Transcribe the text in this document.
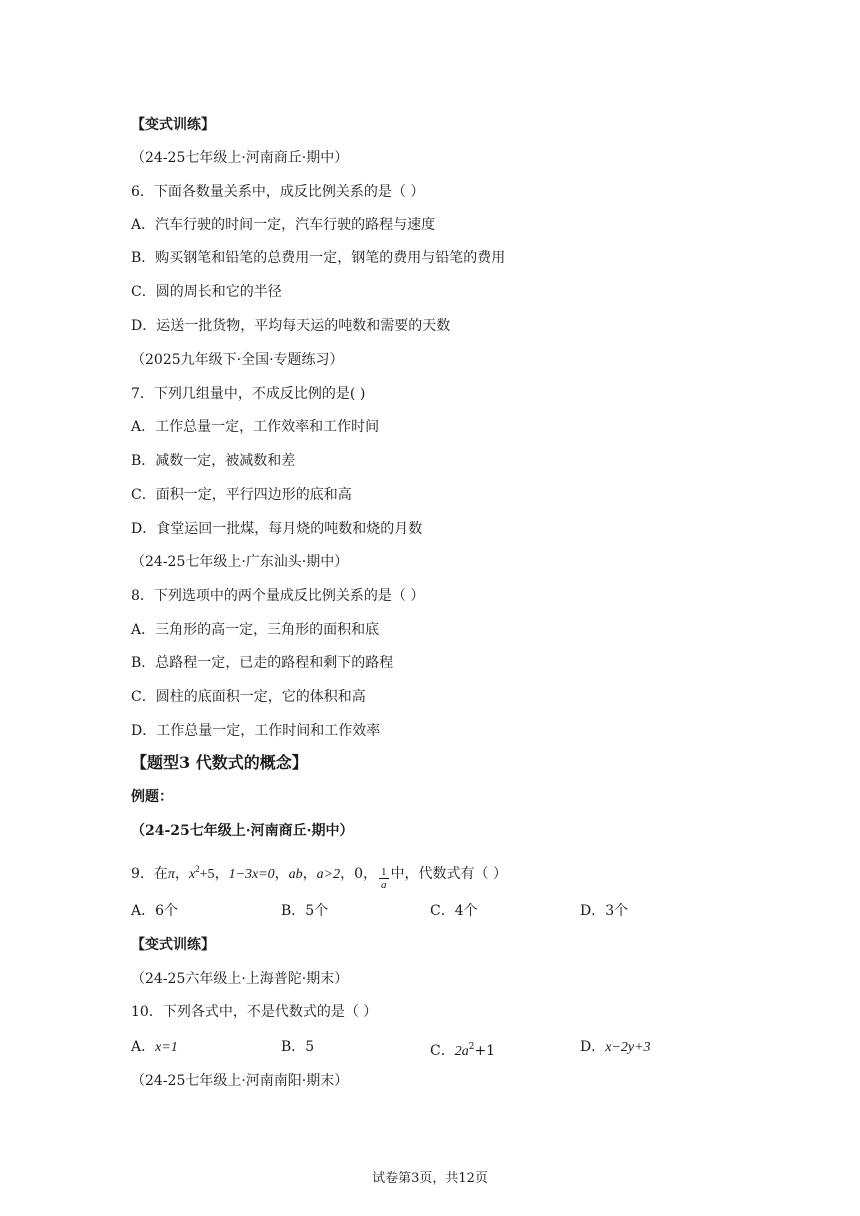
【变式训练】
（24-25七年级上·河南商丘·期中）
6．下面各数量关系中，成反比例关系的是（ ）
A．汽车行驶的时间一定，汽车行驶的路程与速度
B．购买钢笔和铅笔的总费用一定，钢笔的费用与铅笔的费用
C．圆的周长和它的半径
D．运送一批货物，平均每天运的吨数和需要的天数
（2025九年级下·全国·专题练习）
7．下列几组量中，不成反比例的是( )
A．工作总量一定，工作效率和工作时间
B．减数一定，被减数和差
C．面积一定，平行四边形的底和高
D．食堂运回一批煤，每月烧的吨数和烧的月数
（24-25七年级上·广东汕头·期中）
8．下列选项中的两个量成反比例关系的是（ ）
A．三角形的高一定，三角形的面积和底
B．总路程一定，已走的路程和剩下的路程
C．圆柱的底面积一定，它的体积和高
D．工作总量一定，工作时间和工作效率
【题型3 代数式的概念】
例题：
（24-25七年级上·河南商丘·期中）
9．在π，$x^2+5$，1−3x=0，ab，a>2，0， $\frac{1}{a}$ 中，代数式有（ ）
A．6个	B．5个	C．4个	D．3个
【变式训练】
（24-25六年级上·上海普陀·期末）
10．下列各式中，不是代数式的是（ ）
A．x=1	B．5	C．$2a^2+1$	D．x−2y+3
（24-25七年级上·河南南阳·期末）
试卷第3页，共12页
